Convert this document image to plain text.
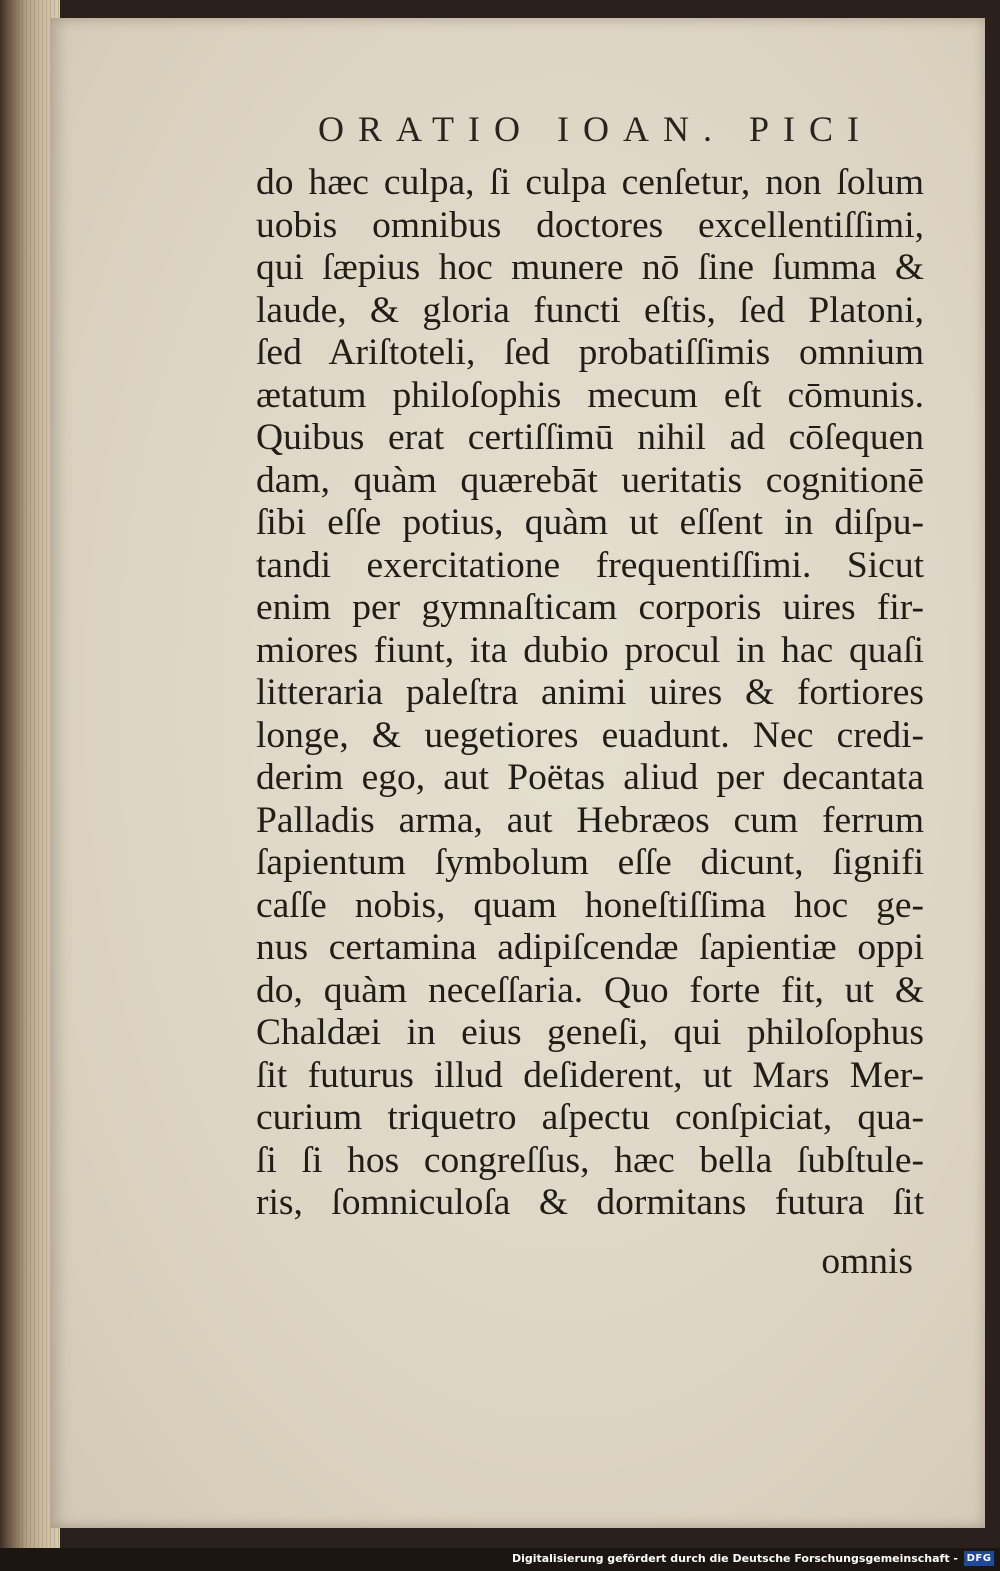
ORATIO IOAN. PICI
do hæc culpa, ſi culpa cenſetur, non ſolum
uobis omnibus doctores excellentiſſimi,
qui ſæpius hoc munere nō ſine ſumma &
laude, & gloria functi eſtis, ſed Platoni,
ſed Ariſtoteli, ſed probatiſſimis omnium
ætatum philoſophis mecum eſt cōmunis.
Quibus erat certiſſimū nihil ad cōſequen
dam, quàm quærebāt ueritatis cognitionē
ſibi eſſe potius, quàm ut eſſent in diſpu-
tandi exercitatione frequentiſſimi. Sicut
enim per gymnaſticam corporis uires fir-
miores fiunt, ita dubio procul in hac quaſi
litteraria paleſtra animi uires & fortiores
longe, & uegetiores euadunt. Nec credi-
derim ego, aut Poëtas aliud per decantata
Palladis arma, aut Hebræos cum ferrum
ſapientum ſymbolum eſſe dicunt, ſignifi
caſſe nobis, quam honeſtiſſima hoc ge-
nus certamina adipiſcendæ ſapientiæ oppi
do, quàm neceſſaria. Quo forte fit, ut &
Chaldæi in eius geneſi, qui philoſophus
ſit futurus illud deſiderent, ut Mars Mer-
curium triquetro aſpectu conſpiciat, qua-
ſi ſi hos congreſſus, hæc bella ſubſtule-
ris, ſomniculoſa & dormitans futura ſit
omnis
Digitalisierung gefördert durch die Deutsche Forschungsgemeinschaft - DFG
